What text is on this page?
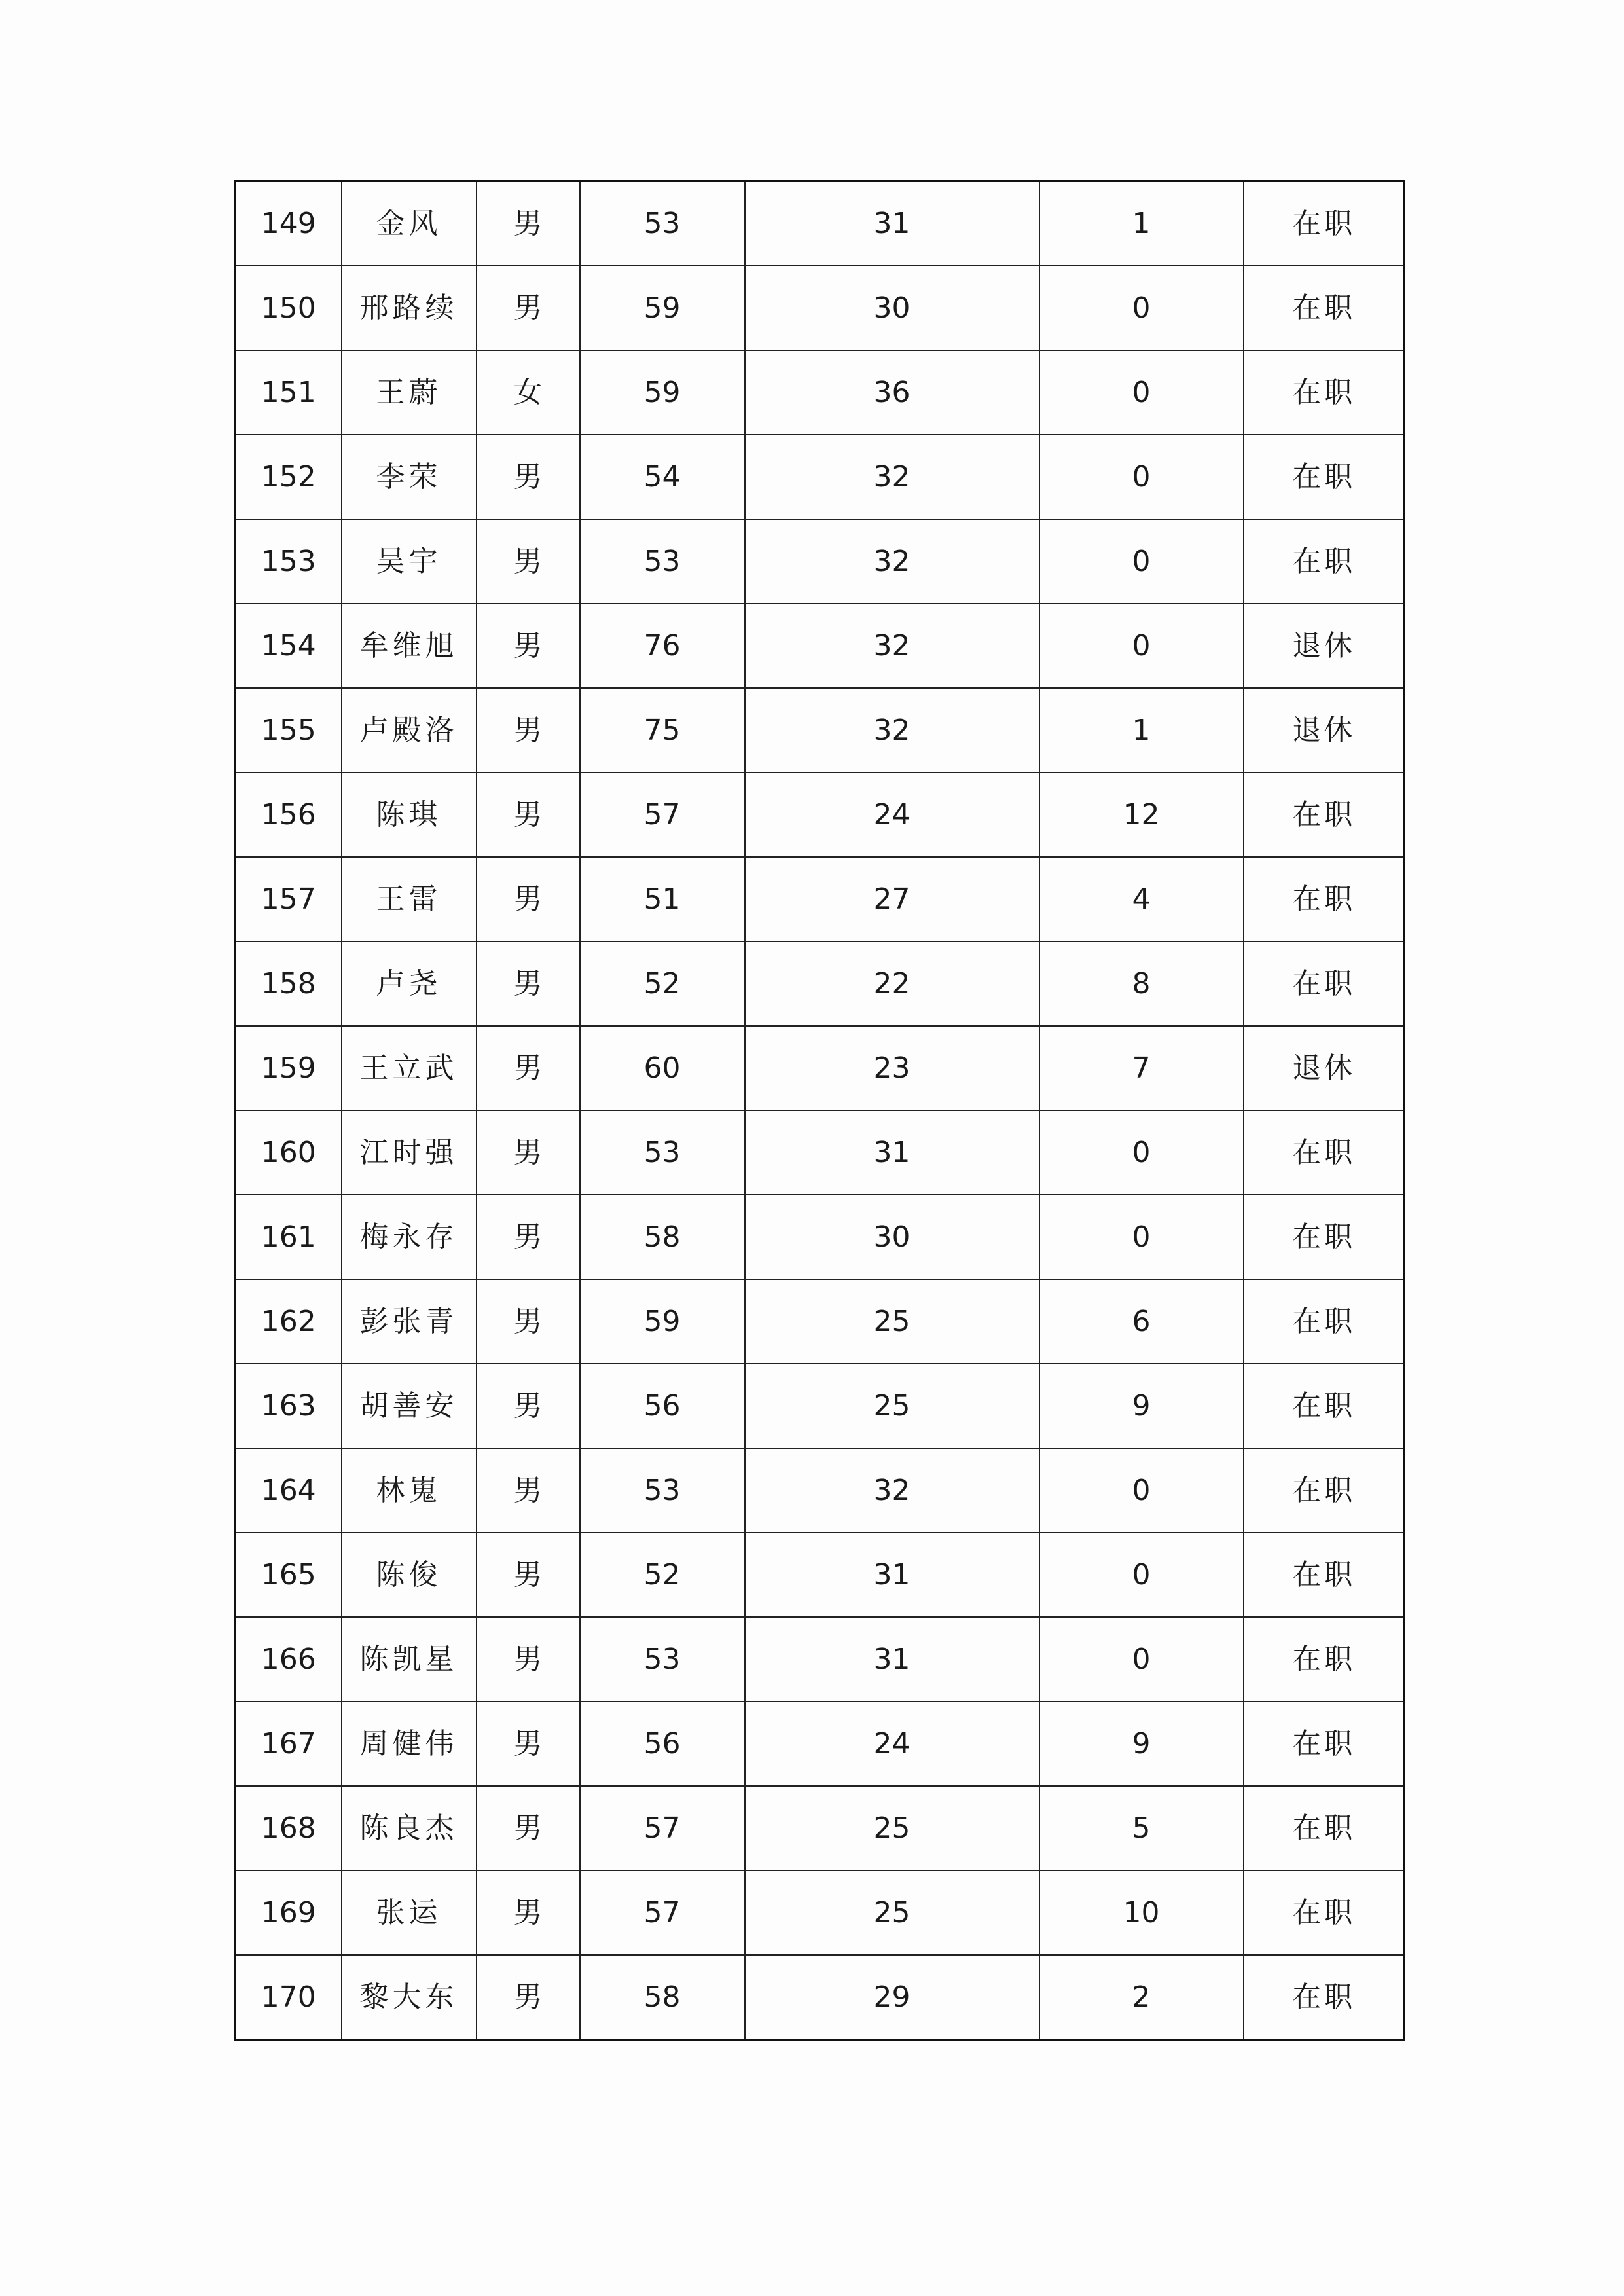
149	金风	男	53	31	1	在职
150	邢路续	男	59	30	0	在职
151	王蔚	女	59	36	0	在职
152	李荣	男	54	32	0	在职
153	吴宇	男	53	32	0	在职
154	牟维旭	男	76	32	0	退休
155	卢殿洛	男	75	32	1	退休
156	陈琪	男	57	24	12	在职
157	王雷	男	51	27	4	在职
158	卢尧	男	52	22	8	在职
159	王立武	男	60	23	7	退休
160	江时强	男	53	31	0	在职
161	梅永存	男	58	30	0	在职
162	彭张青	男	59	25	6	在职
163	胡善安	男	56	25	9	在职
164	林嵬	男	53	32	0	在职
165	陈俊	男	52	31	0	在职
166	陈凯星	男	53	31	0	在职
167	周健伟	男	56	24	9	在职
168	陈良杰	男	57	25	5	在职
169	张运	男	57	25	10	在职
170	黎大东	男	58	29	2	在职
